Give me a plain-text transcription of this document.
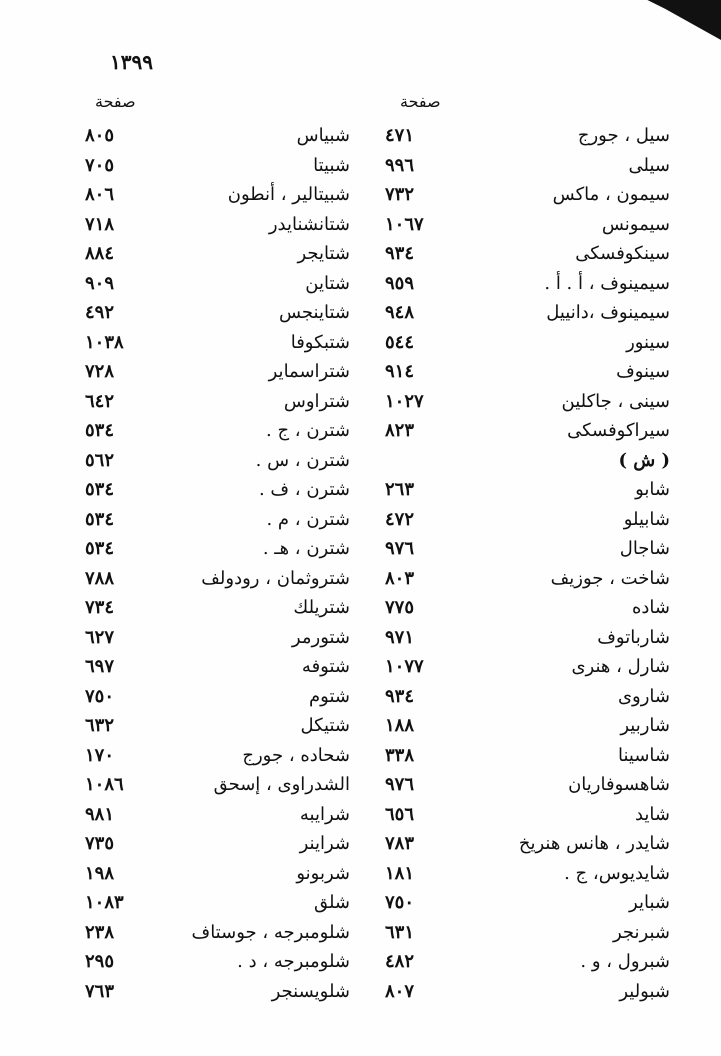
١٣٩٩
صفحة	صفحة
سيل ، جورج
٤٧١
سيلى
٩٩٦
سيمون ، ماكس
٧٣٢
سيمونس
١٠٦٧
سينكوفسكى
٩٣٤
سيمينوف ، أ . أ .
٩٥٩
سيمينوف ،دانييل
٩٤٨
سينور
٥٤٤
سينوف
٩١٤
سينى ، جاكلين
١٠٢٧
سيراكوفسكى
٨٢٣
( ش )
شابو
٢٦٣
شابيلو
٤٧٢
شاجال
٩٧٦
شاخت ، جوزيف
٨٠٣
شاده
٧٧٥
شارباتوف
٩٧١
شارل ، هنرى
١٠٧٧
شاروى
٩٣٤
شاربير
١٨٨
شاسينا
٣٣٨
شاهسوفاريان
٩٧٦
شايد
٦٥٦
شايدر ، هانس هنريخ
٧٨٣
شايديوس، ج .
١٨١
شباير
٧٥٠
شبرنجر
٦٣١
شبرول ، و .
٤٨٢
شبولير
٨٠٧
شبياس
٨٠٥
شبيتا
٧٠٥
شبيتالير ، أنطون
٨٠٦
شتانشنايدر
٧١٨
شتايجر
٨٨٤
شتاين
٩٠٩
شتاينجس
٤٩٢
شتبكوفا
١٠٣٨
شتراسماير
٧٢٨
شتراوس
٦٤٢
شترن ، ج .
٥٣٤
شترن ، س .
٥٦٢
شترن ، ف .
٥٣٤
شترن ، م .
٥٣٤
شترن ، هـ .
٥٣٤
شتروثمان ، رودولف
٧٨٨
شتريلك
٧٣٤
شتورمر
٦٢٧
شتوفه
٦٩٧
شتوم
٧٥٠
شتيكل
٦٣٢
شحاده ، جورج
١٧٠
الشدراوى ، إسحق
١٠٨٦
شرايبه
٩٨١
شراينر
٧٣٥
شربونو
١٩٨
شلق
١٠٨٣
شلومبرجه ، جوستاف
٢٣٨
شلومبرجه ، د .
٢٩٥
شلويسنجر
٧٦٣
